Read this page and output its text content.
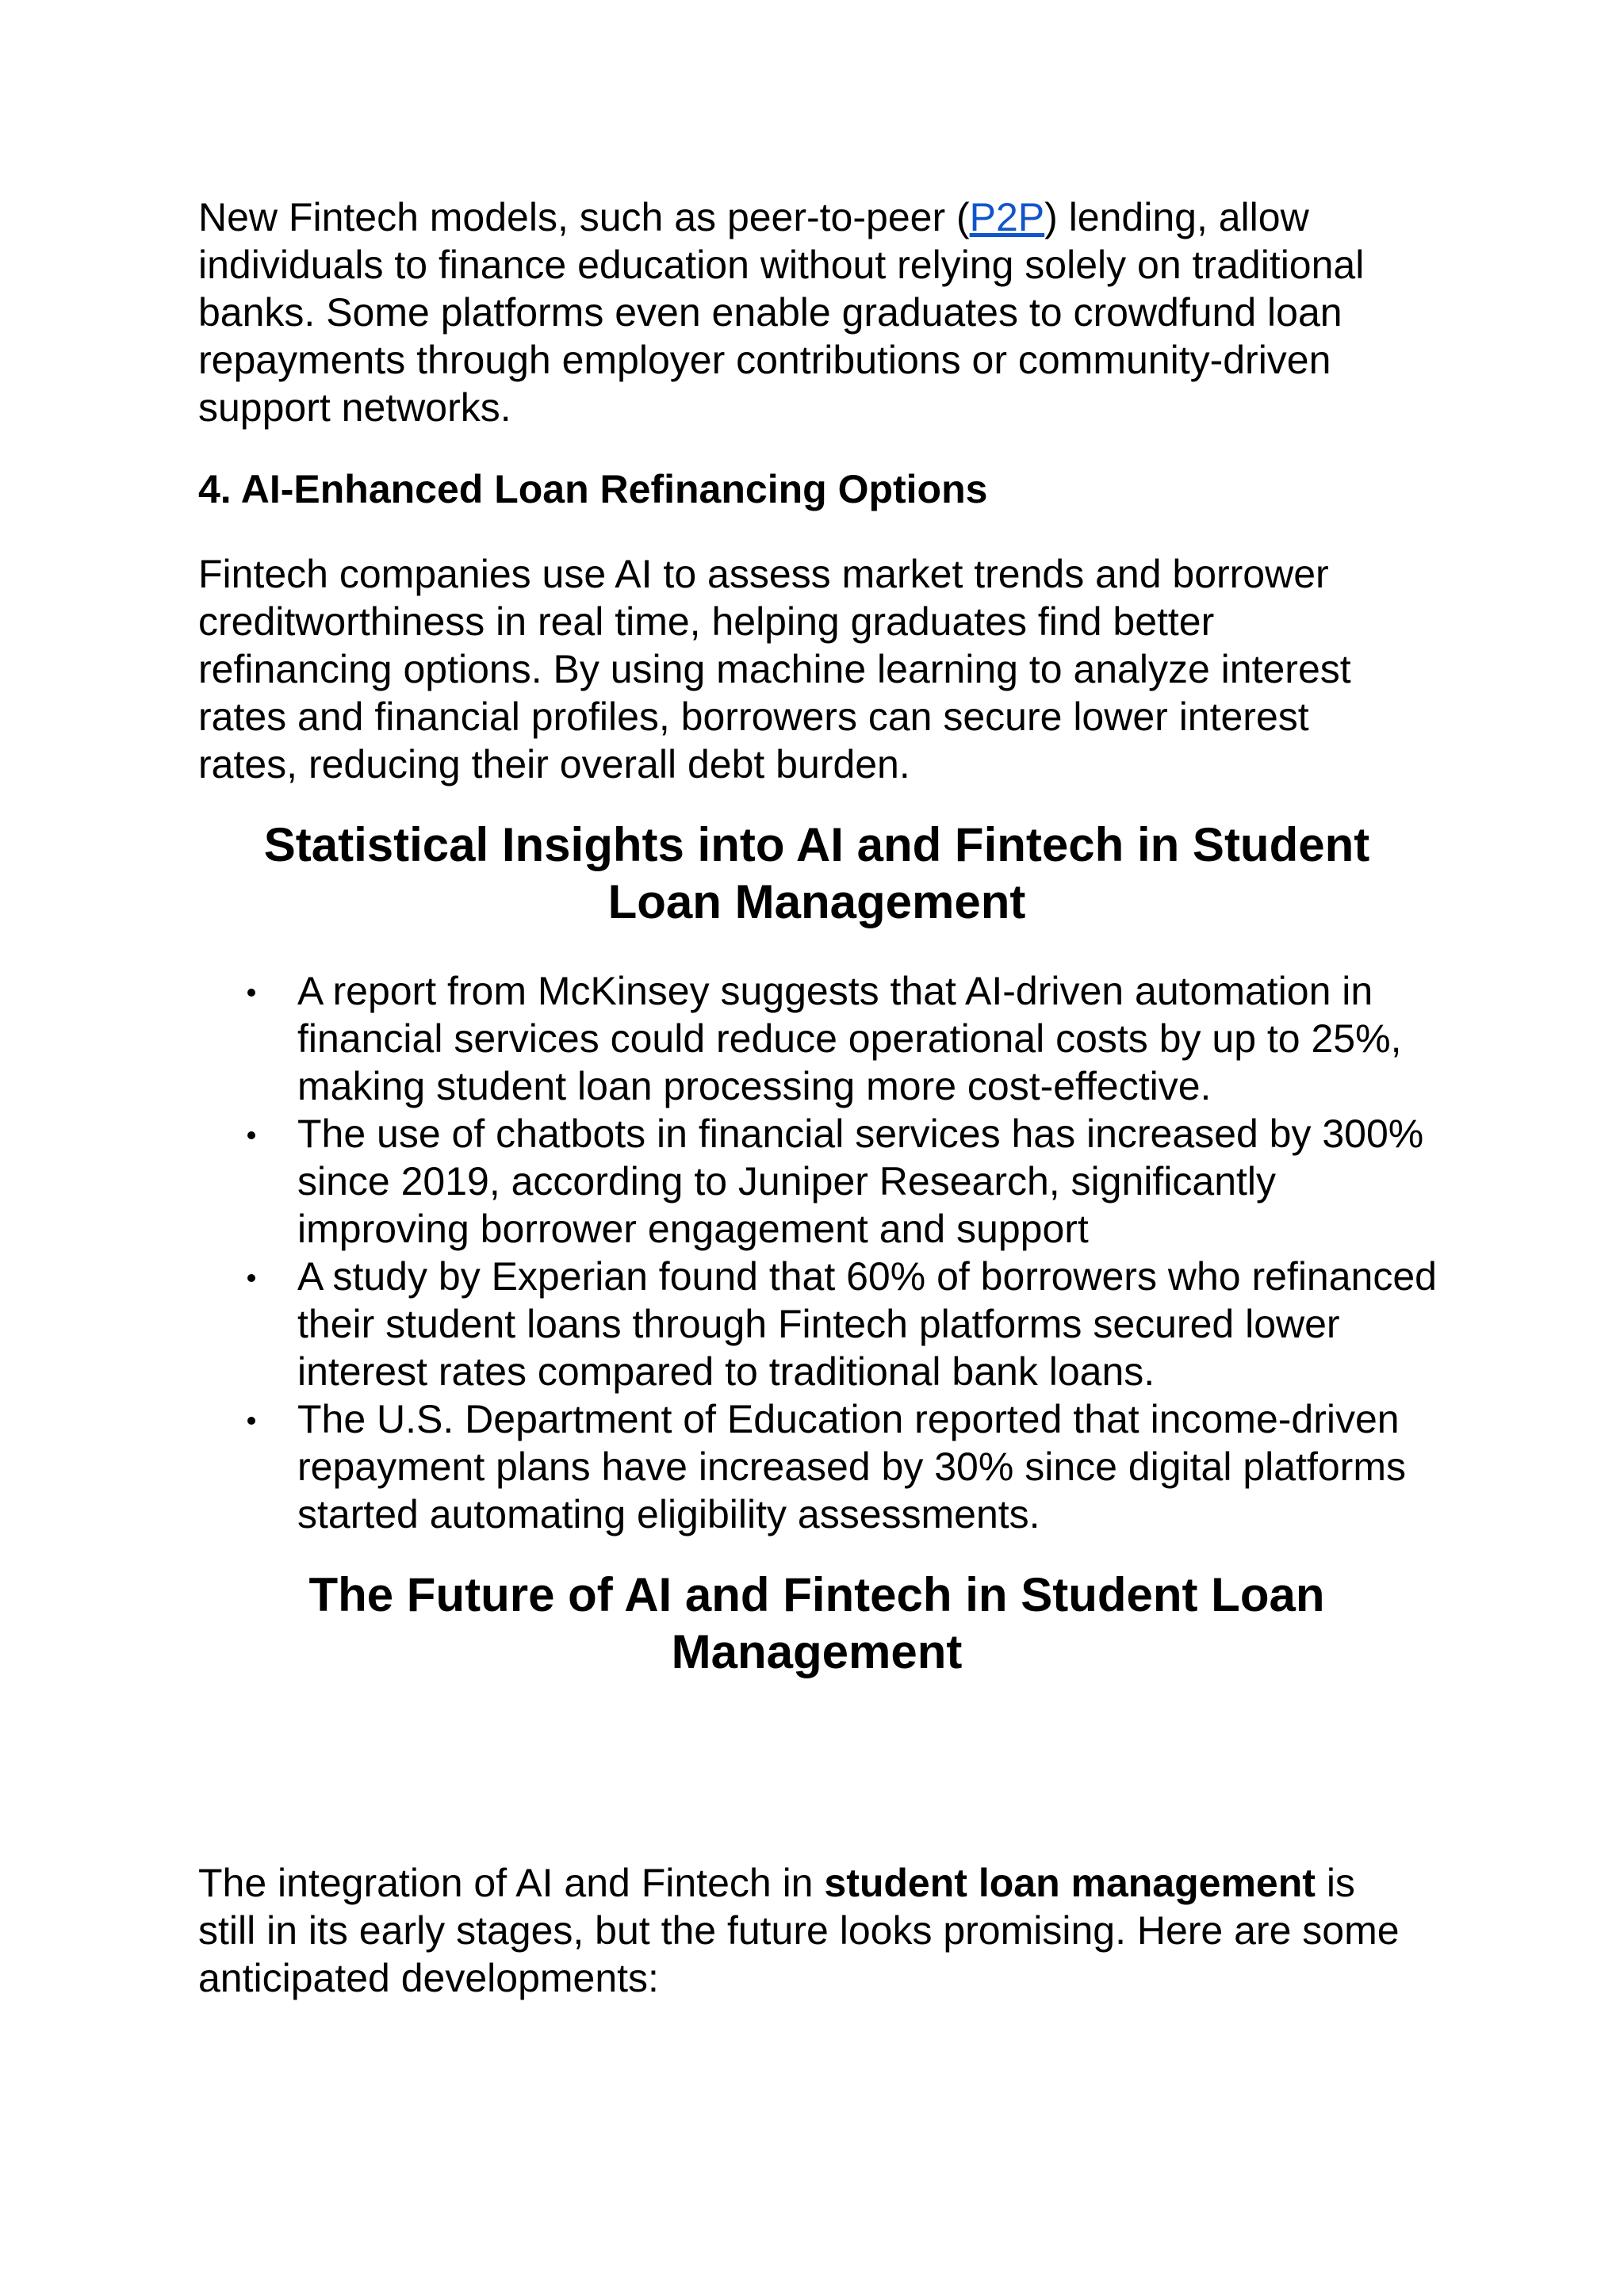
New Fintech models, such as peer-to-peer (P2P) lending, allow individuals to finance education without relying solely on traditional banks. Some platforms even enable graduates to crowdfund loan repayments through employer contributions or community-driven support networks.

4. AI-Enhanced Loan Refinancing Options

Fintech companies use AI to assess market trends and borrower creditworthiness in real time, helping graduates find better refinancing options. By using machine learning to analyze interest rates and financial profiles, borrowers can secure lower interest rates, reducing their overall debt burden.

Statistical Insights into AI and Fintech in Student Loan Management
A report from McKinsey suggests that AI-driven automation in financial services could reduce operational costs by up to 25%, making student loan processing more cost-effective.
The use of chatbots in financial services has increased by 300% since 2019, according to Juniper Research, significantly improving borrower engagement and support
A study by Experian found that 60% of borrowers who refinanced their student loans through Fintech platforms secured lower interest rates compared to traditional bank loans.
The U.S. Department of Education reported that income-driven repayment plans have increased by 30% since digital platforms started automating eligibility assessments.
The Future of AI and Fintech in Student Loan Management

The integration of AI and Fintech in student loan management is still in its early stages, but the future looks promising. Here are some anticipated developments:
